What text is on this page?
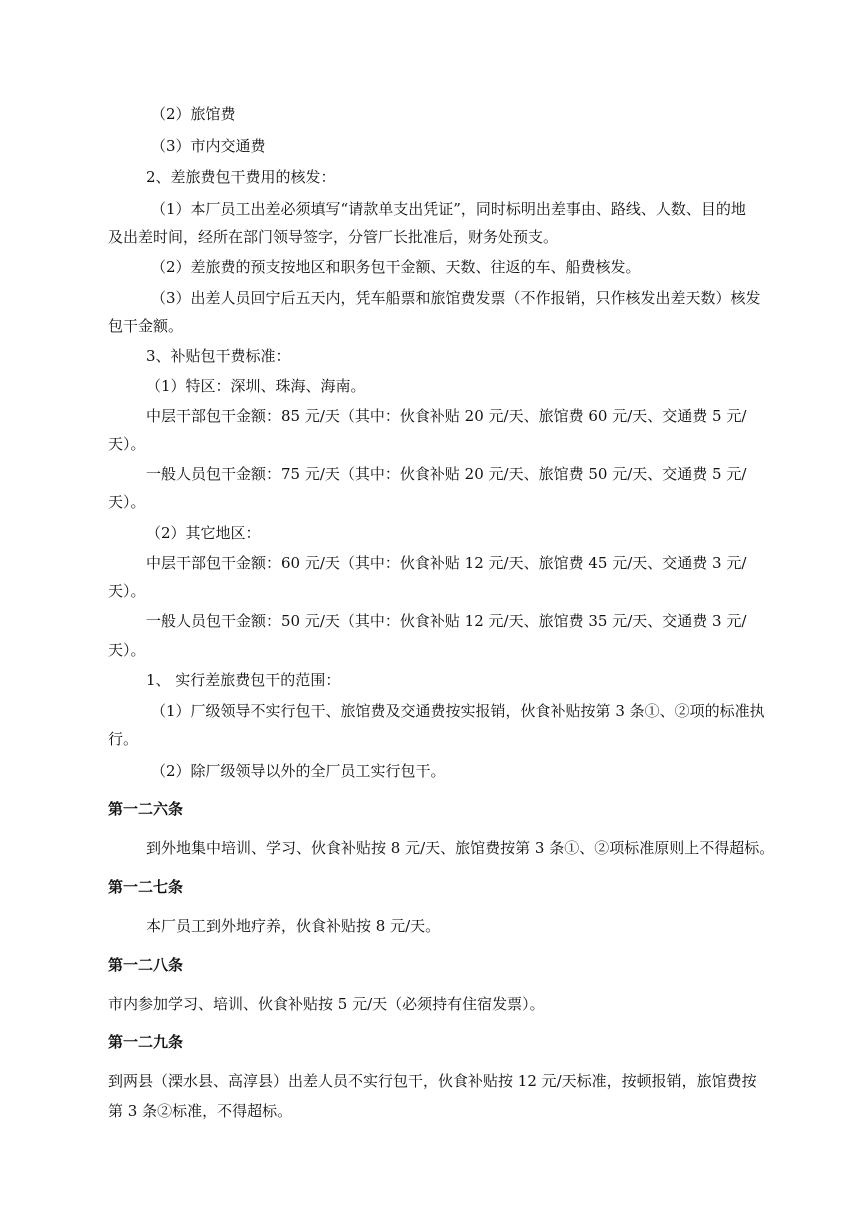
（2）旅馆费

（3）市内交通费

2、差旅费包干费用的核发：

（1）本厂员工出差必须填写“请款单支出凭证”，同时标明出差事由、路线、人数、目的地

及出差时间，经所在部门领导签字，分管厂长批准后，财务处预支。

（2）差旅费的预支按地区和职务包干金额、天数、往返的车、船费核发。

（3）出差人员回宁后五天内，凭车船票和旅馆费发票（不作报销，只作核发出差天数）核发

包干金额。

3、补贴包干费标准：

（1）特区：深圳、珠海、海南。

中层干部包干金额：85 元/天（其中：伙食补贴 20 元/天、旅馆费 60 元/天、交通费 5 元/

天）。

一般人员包干金额：75 元/天（其中：伙食补贴 20 元/天、旅馆费 50 元/天、交通费 5 元/

天）。

（2）其它地区：

中层干部包干金额：60 元/天（其中：伙食补贴 12 元/天、旅馆费 45 元/天、交通费 3 元/

天）。

一般人员包干金额：50 元/天（其中：伙食补贴 12 元/天、旅馆费 35 元/天、交通费 3 元/

天）。

1、 实行差旅费包干的范围：

（1）厂级领导不实行包干、旅馆费及交通费按实报销，伙食补贴按第 3 条①、②项的标准执

行。

（2）除厂级领导以外的全厂员工实行包干。

第一二六条

到外地集中培训、学习、伙食补贴按 8 元/天、旅馆费按第 3 条①、②项标准原则上不得超标。

第一二七条

本厂员工到外地疗养，伙食补贴按 8 元/天。

第一二八条

市内参加学习、培训、伙食补贴按 5 元/天（必须持有住宿发票）。

第一二九条

到两县（溧水县、高淳县）出差人员不实行包干，伙食补贴按 12 元/天标准，按顿报销，旅馆费按

第 3 条②标准，不得超标。
